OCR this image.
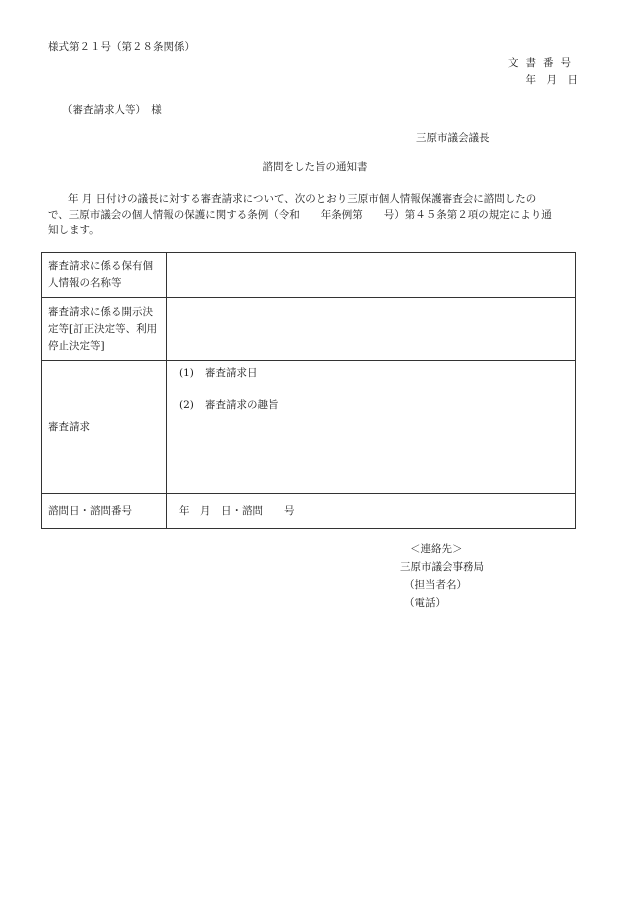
様式第２１号（第２８条関係）
文書番号
年　月　日
（審査請求人等）　様
三原市議会議長
諮問をした旨の通知書
年 月 日付けの議長に対する審査請求について、次のとおり三原市個人情報保護審査会に諮問したの
で、三原市議会の個人情報の保護に関する条例（令和　　年条例第　　号）第４５条第２項の規定により通
知します。
審査請求に係る保有個人情報の名称等	
審査請求に係る開示決定等[訂正決定等、利用停止決定等]	
審査請求	(1) 審査請求日
(2) 審査請求の趣旨

諮問日・諮問番号	年　月　日・諮問　　号
＜連絡先＞
三原市議会事務局
（担当者名）
（電話）
